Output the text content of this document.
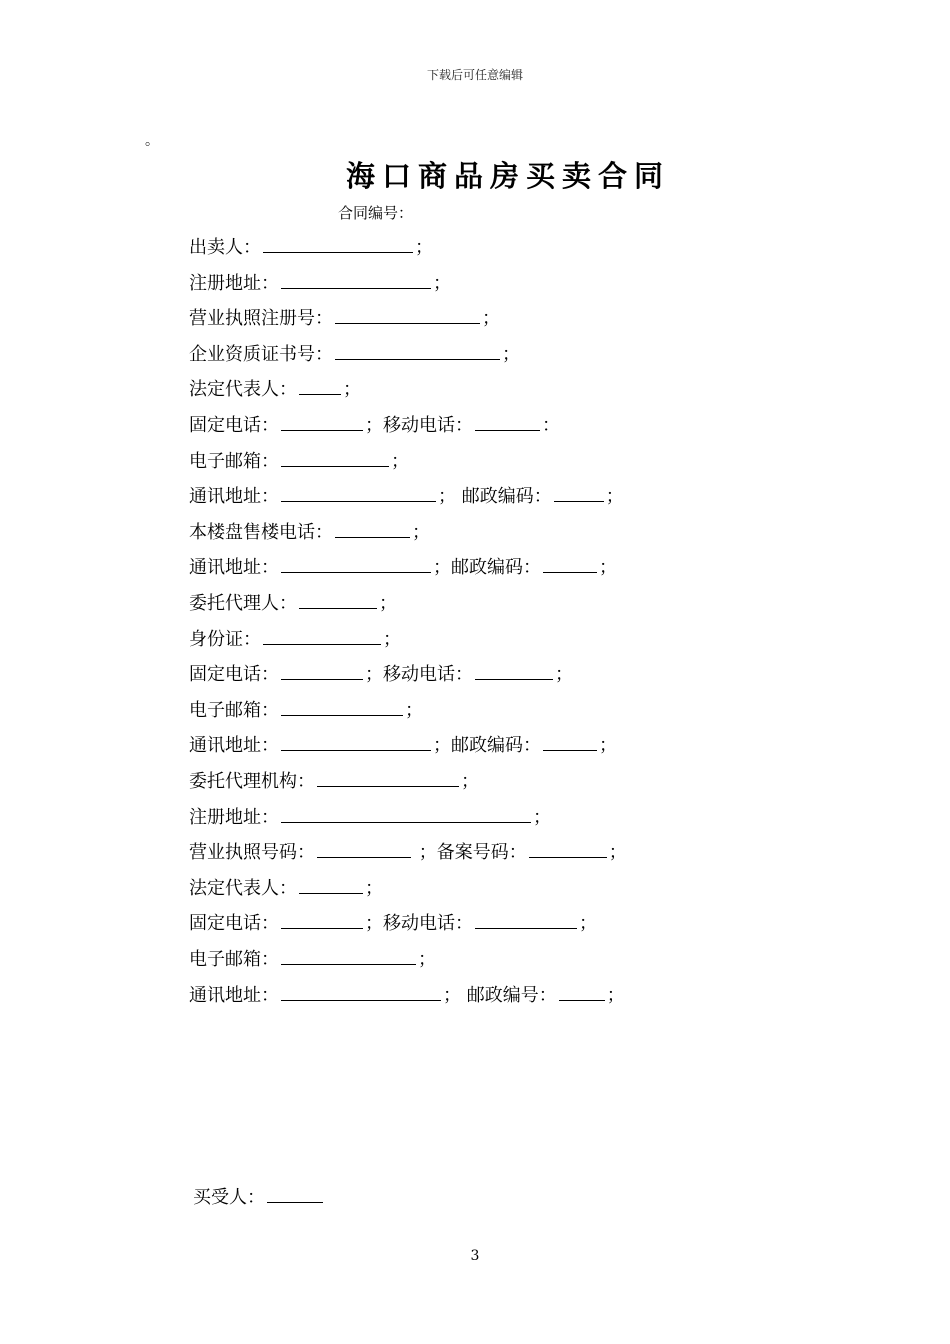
下载后可任意编辑
。
海口商品房买卖合同
合同编号：
出卖人：	；
注册地址：	；
营业执照注册号：	；
企业资质证书号：	；
法定代表人：	；
固定电话：	；移动电话：	：
电子邮箱：	；
通讯地址：	； 邮政编码：	；
本楼盘售楼电话：	；
通讯地址：	；邮政编码：	；
委托代理人：	；
身份证：	；
固定电话：	；移动电话：	；
电子邮箱：	；
通讯地址：	；邮政编码：	；
委托代理机构：	；
注册地址：	；
营业执照号码：	；备案号码：	；
法定代表人：	；
固定电话：	；移动电话：	；
电子邮箱：	；
通讯地址：	； 邮政编号：	；
买受人：
3
